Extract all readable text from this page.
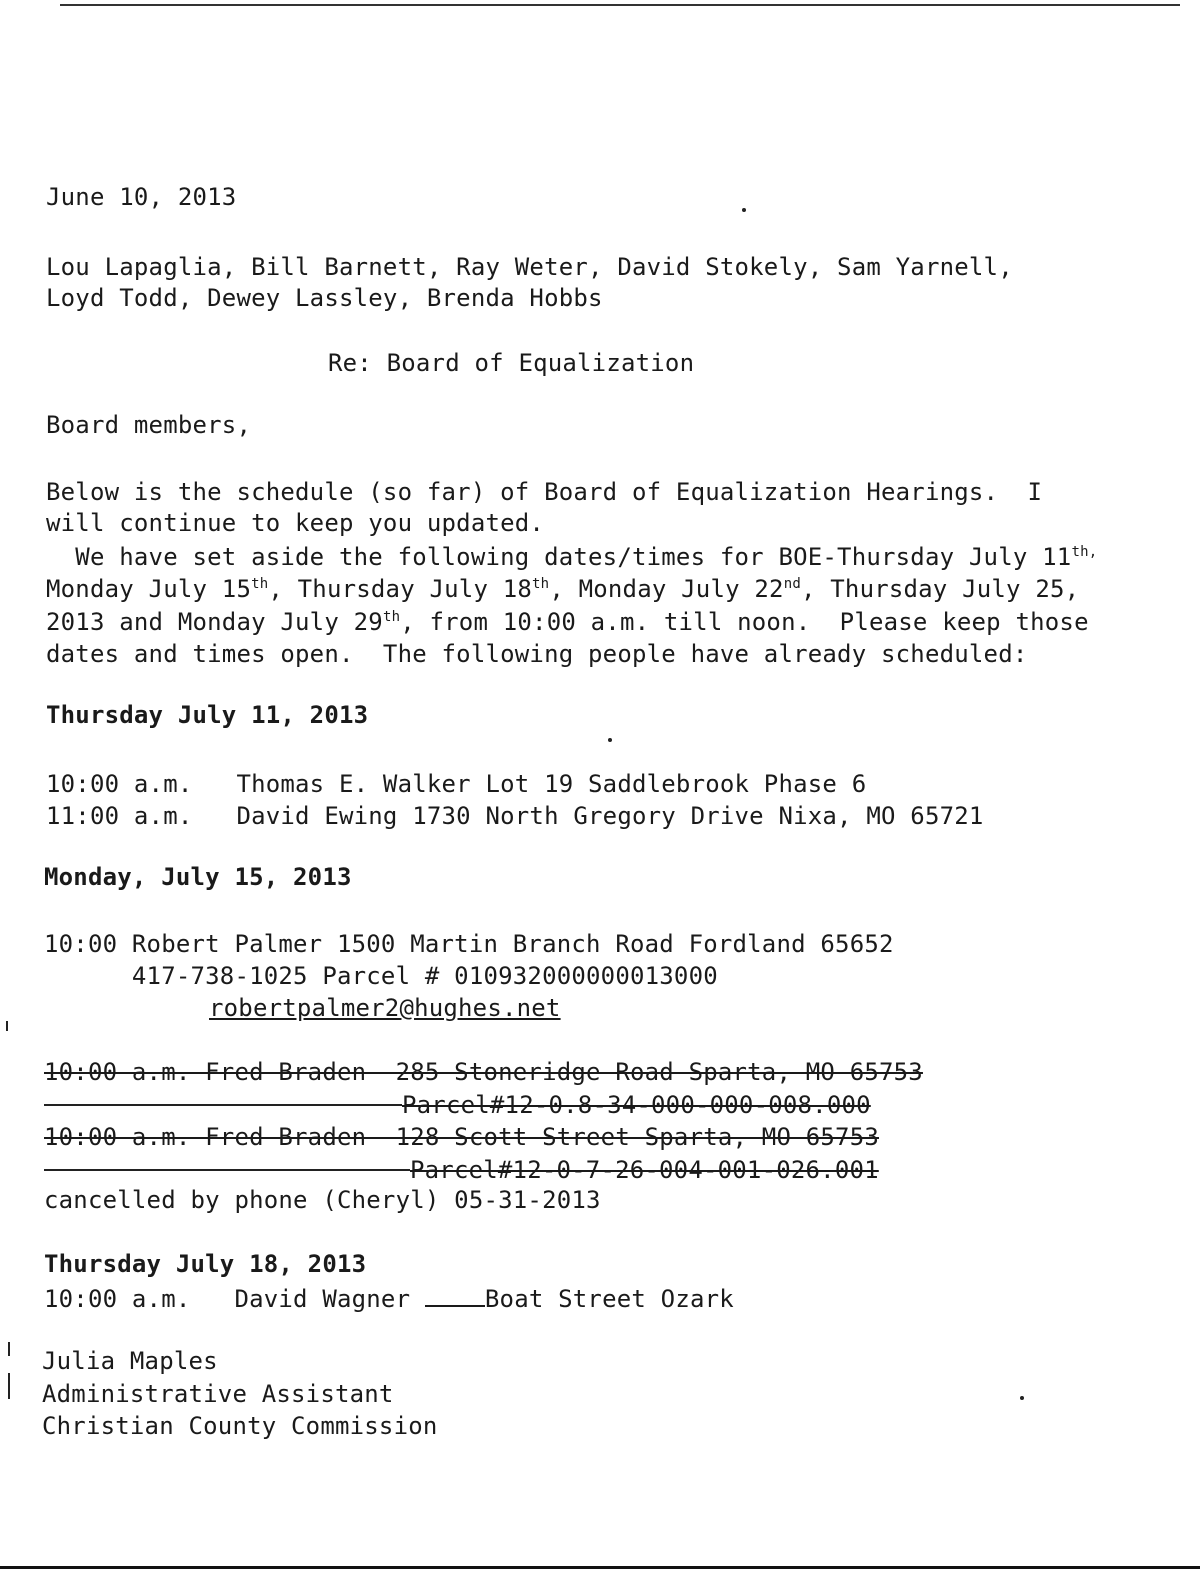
June 10, 2013
Lou Lapaglia, Bill Barnett, Ray Weter, David Stokely, Sam Yarnell,
Loyd Todd, Dewey Lassley, Brenda Hobbs
Re: Board of Equalization
Board members,
Below is the schedule (so far) of Board of Equalization Hearings.  I
will continue to keep you updated.
We have set aside the following dates/times for BOE-Thursday July $11^{th,}$
Monday July 15th, Thursday July 18th, Monday July 22nd, Thursday July 25,
2013 and Monday July 29th, from 10:00 a.m. till noon.  Please keep those
dates and times open.  The following people have already scheduled:
Thursday July 11, 2013
10:00 a.m.   Thomas E. Walker Lot 19 Saddlebrook Phase 6
11:00 a.m.   David Ewing 1730 North Gregory Drive Nixa, MO 65721
Monday, July 15, 2013
10:00 Robert Palmer 1500 Martin Branch Road Fordland 65652
417-738-1025 Parcel # 010932000000013000
robertpalmer2@hughes.net
10:00 a.m. Fred Braden  285 Stoneridge Road Sparta, MO 65753
Parcel#12-0.8-34-000-000-008.000
10:00 a.m. Fred Braden  128 Scott Street Sparta, MO 65753
Parcel#12-0-7-26-004-001-026.001
cancelled by phone (Cheryl) 05-31-2013
Thursday July 18, 2013
10:00 a.m.   David Wagner	Boat Street Ozark
Julia Maples
Administrative Assistant
Christian County Commission
